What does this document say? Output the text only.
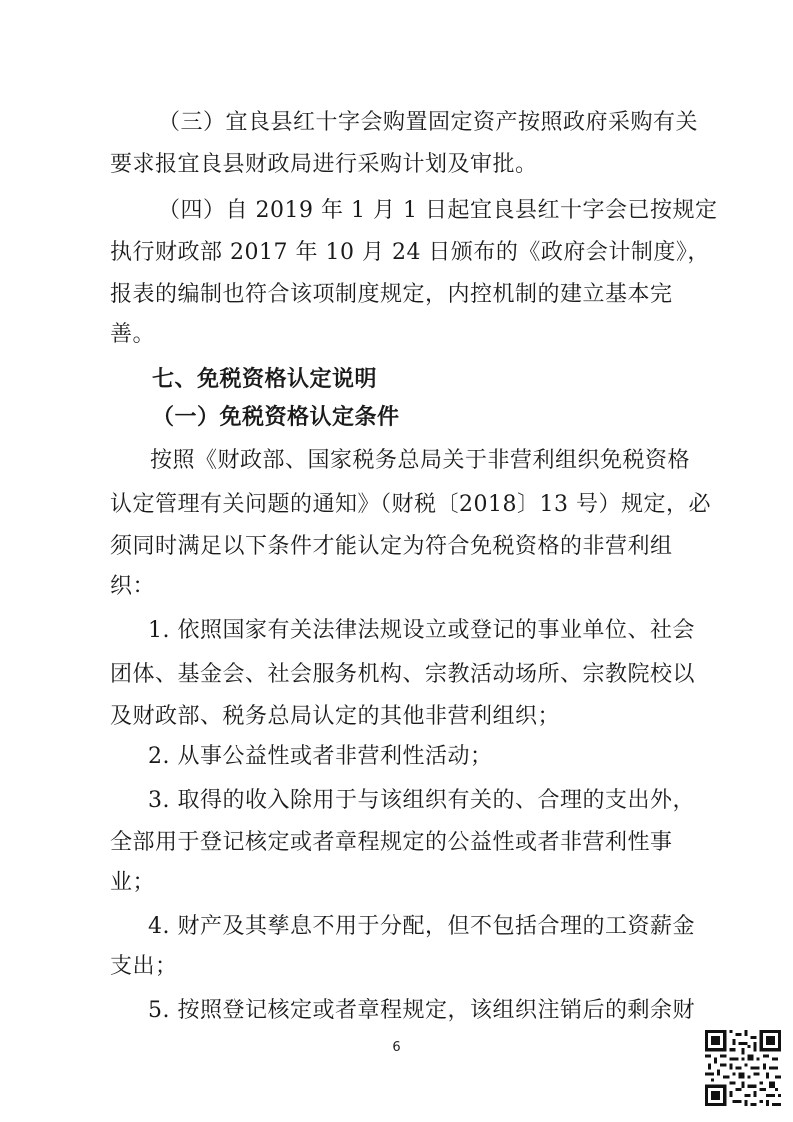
（三）宜良县红十字会购置固定资产按照政府采购有关
要求报宜良县财政局进行采购计划及审批。
（四）自 2019 年 1 月 1 日起宜良县红十字会已按规定
执行财政部 2017 年 10 月 24 日颁布的《政府会计制度》，
报表的编制也符合该项制度规定，内控机制的建立基本完
善。
七、免税资格认定说明
（一）免税资格认定条件
按照《财政部、国家税务总局关于非营利组织免税资格
认定管理有关问题的通知》（财税〔2018〕13 号）规定，必
须同时满足以下条件才能认定为符合免税资格的非营利组
织：
1. 依照国家有关法律法规设立或登记的事业单位、社会
团体、基金会、社会服务机构、宗教活动场所、宗教院校以
及财政部、税务总局认定的其他非营利组织；
2. 从事公益性或者非营利性活动；
3. 取得的收入除用于与该组织有关的、合理的支出外，
全部用于登记核定或者章程规定的公益性或者非营利性事
业；
4. 财产及其孳息不用于分配，但不包括合理的工资薪金
支出；
5. 按照登记核定或者章程规定，该组织注销后的剩余财
6
